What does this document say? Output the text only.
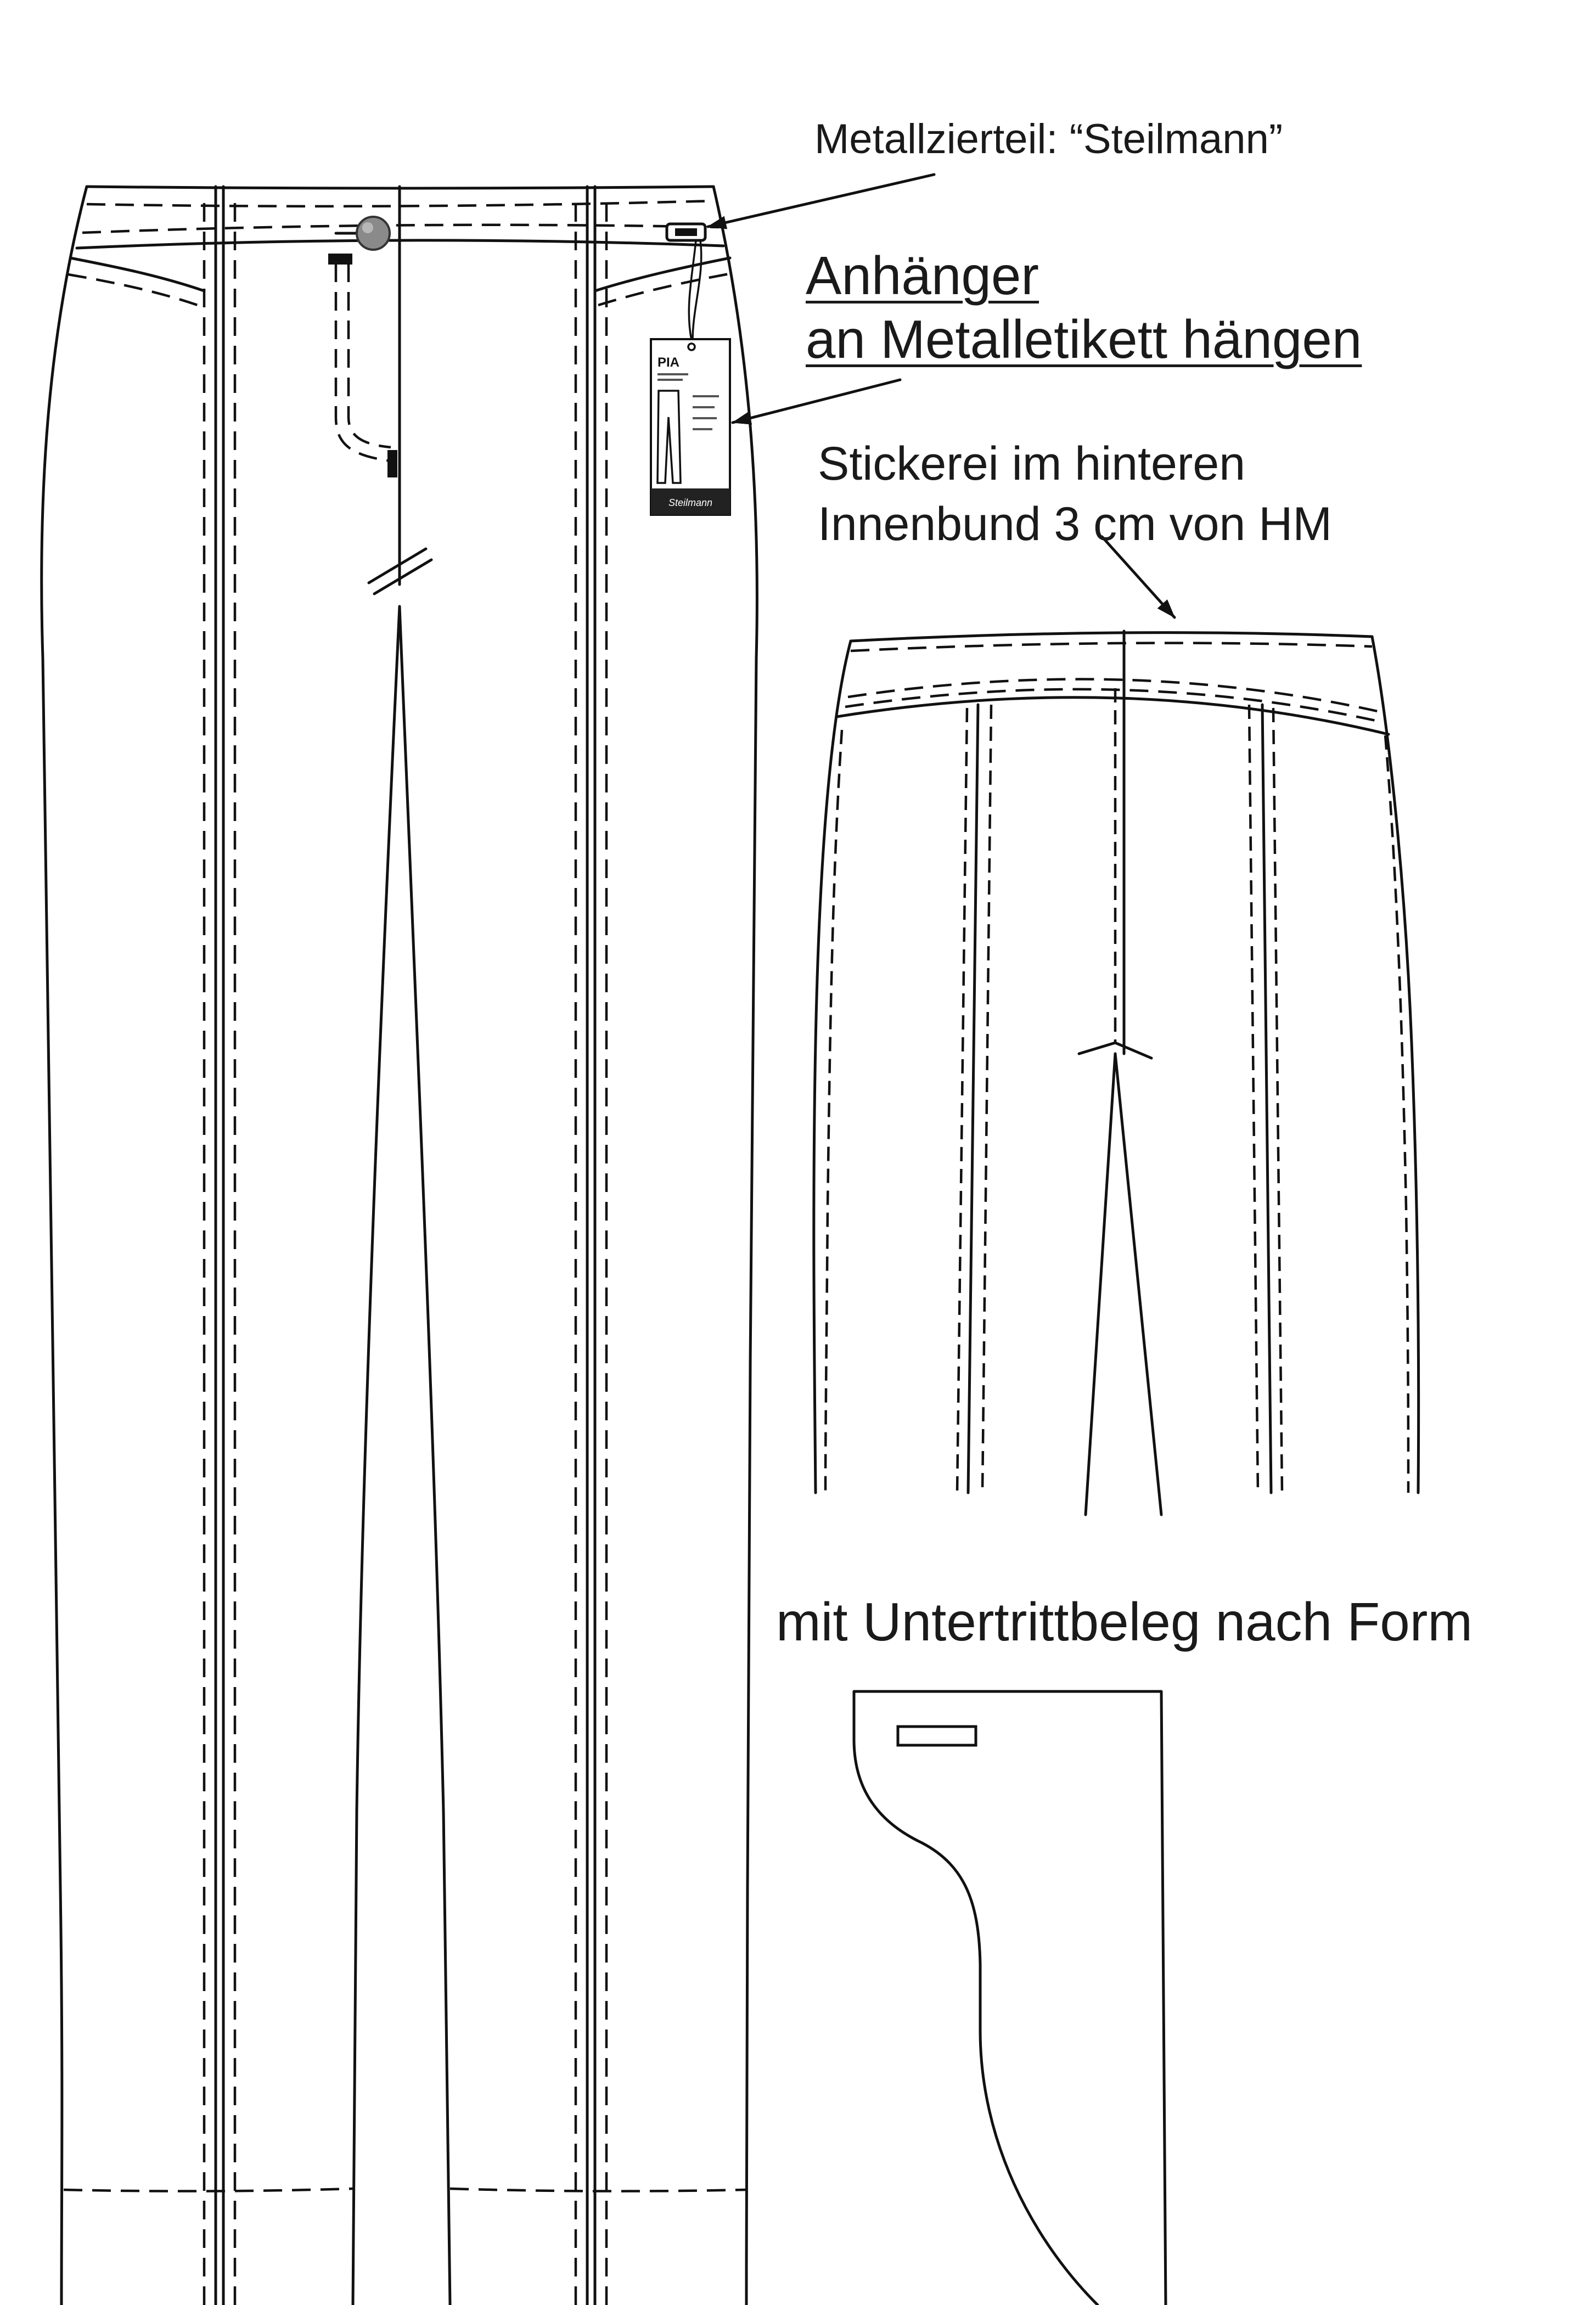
PIA
Steilmann

Metallzierteil: “Steilmann”

Anhänger
an Metalletikett hängen
Stickerei im hinteren
Innenbund 3 cm von HM

mit Untertrittbeleg nach Form
